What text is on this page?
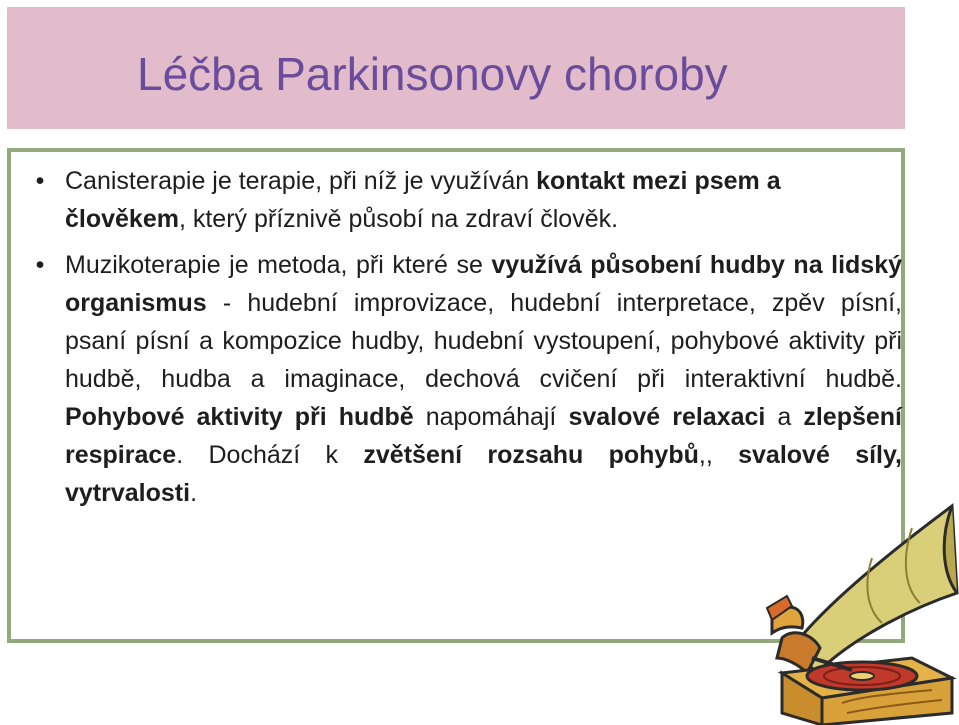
Léčba Parkinsonovy choroby
• Canisterapie je terapie, při níž je využíván kontakt mezi psem a člověkem, který příznivě působí na zdraví člověk.
• Muzikoterapie je metoda, při které se využívá působení hudby na lidský organismus - hudební improvizace, hudební interpretace, zpěv písní, psaní písní a kompozice hudby, hudební vystoupení, pohybové aktivity při hudbě, hudba a imaginace, dechová cvičení při interaktivní hudbě. Pohybové aktivity při hudbě napomáhají svalové relaxaci a zlepšení respirace. Dochází k zvětšení rozsahu pohybů,, svalové síly, vytrvalosti.
